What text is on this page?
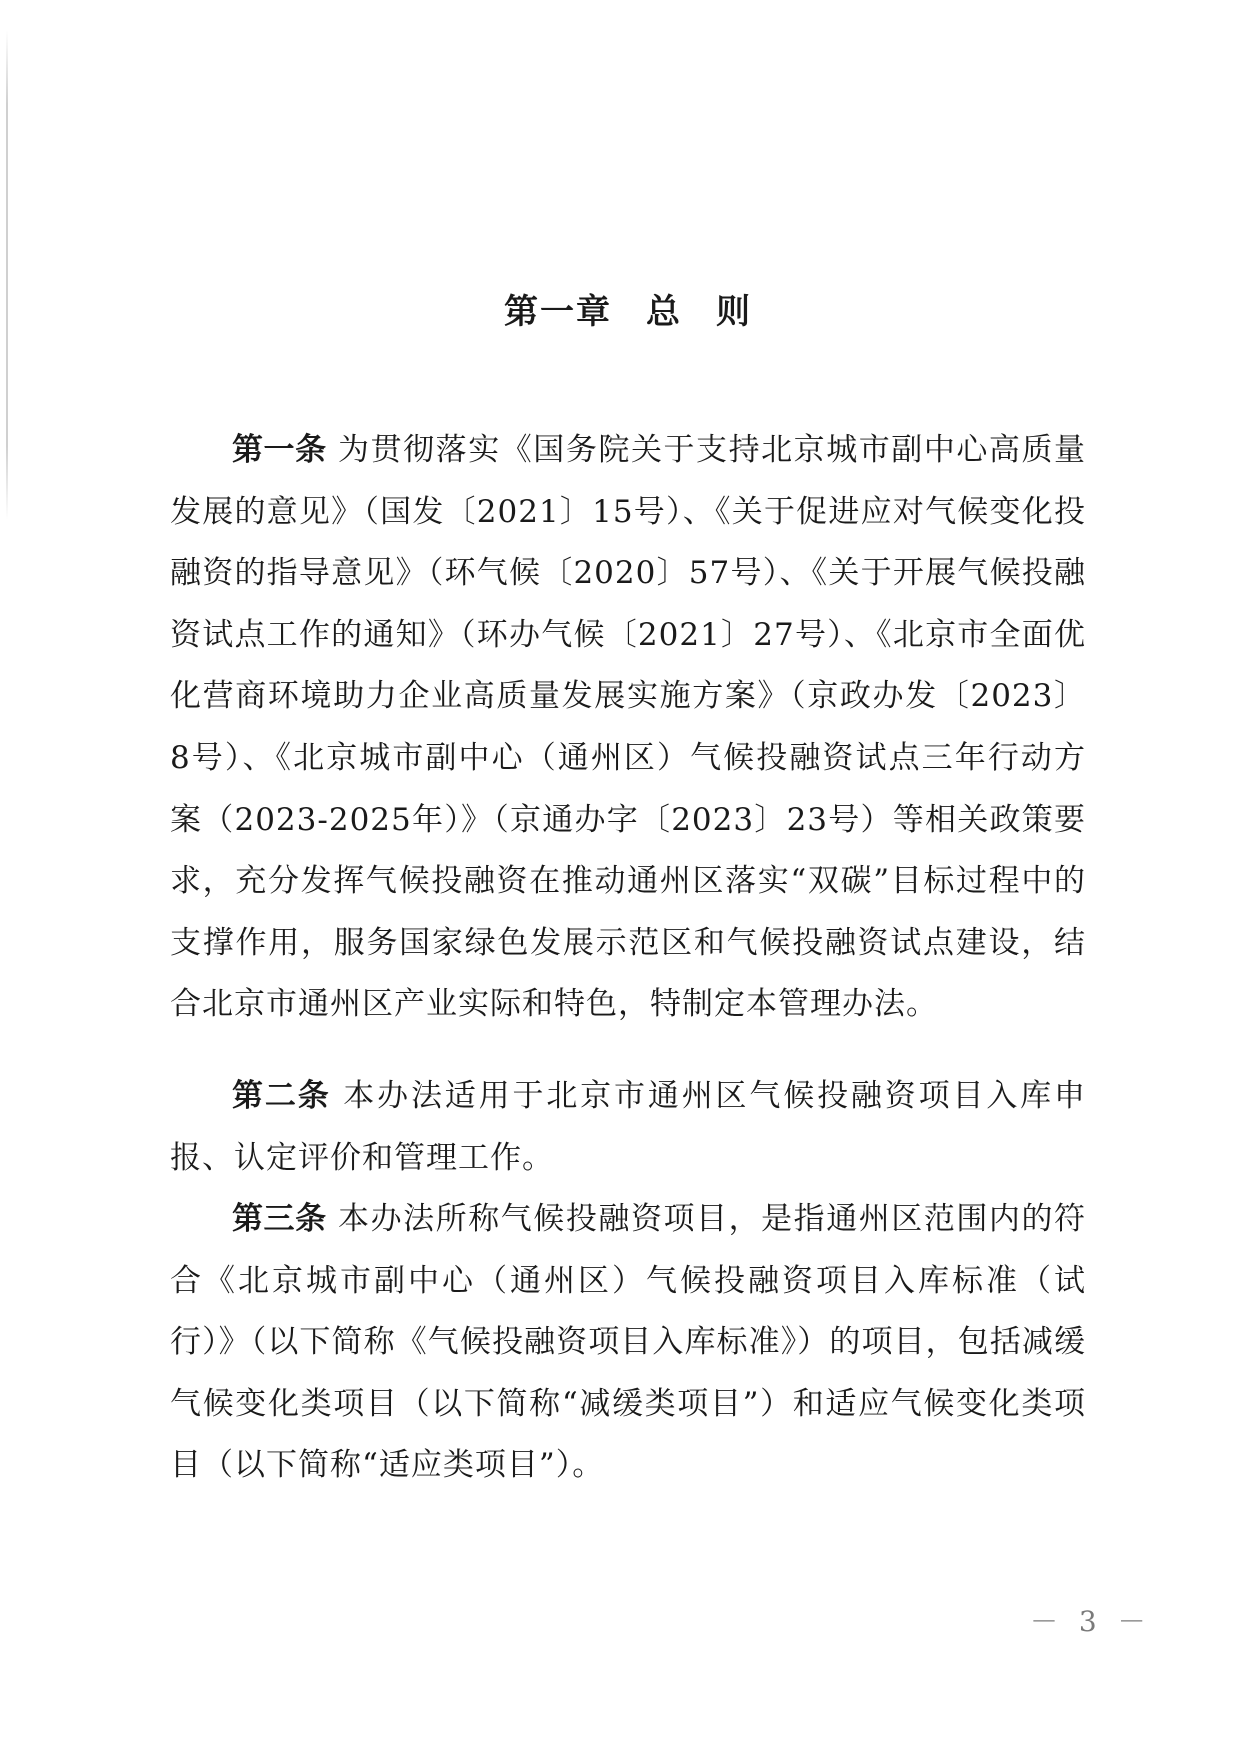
第一章 总 则

第一条 为贯彻落实《国务院关于支持北京城市副中心高质量发展的意见》（国发〔2021〕15号）、《关于促进应对气候变化投融资的指导意见》（环气候〔2020〕57号）、《关于开展气候投融资试点工作的通知》（环办气候〔2021〕27号）、《北京市全面优化营商环境助力企业高质量发展实施方案》（京政办发〔2023〕8号）、《北京城市副中心（通州区）气候投融资试点三年行动方案（2023-2025年）》（京通办字〔2023〕23号）等相关政策要求，充分发挥气候投融资在推动通州区落实“双碳”目标过程中的支撑作用，服务国家绿色发展示范区和气候投融资试点建设，结合北京市通州区产业实际和特色，特制定本管理办法。

第二条 本办法适用于北京市通州区气候投融资项目入库申报、认定评价和管理工作。

第三条 本办法所称气候投融资项目，是指通州区范围内的符合《北京城市副中心（通州区）气候投融资项目入库标准（试行）》（以下简称《气候投融资项目入库标准》）的项目，包括减缓气候变化类项目（以下简称“减缓类项目”）和适应气候变化类项目（以下简称“适应类项目”）。

－ 3 －
